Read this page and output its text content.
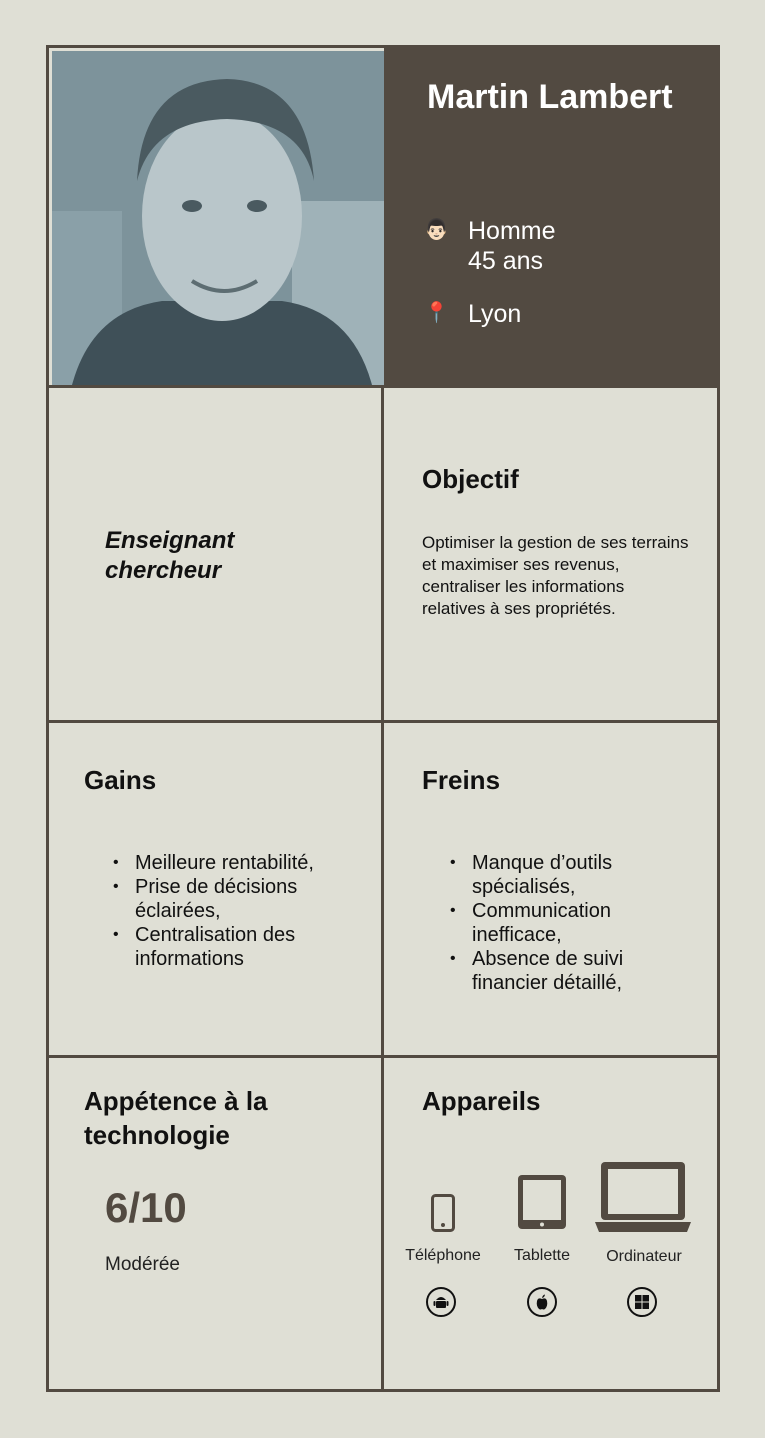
Martin Lambert
👨🏻 Homme
45 ans
📍 Lyon
Enseignant chercheur
Objectif
Optimiser la gestion de ses terrains et maximiser ses revenus, centraliser les informations relatives à ses propriétés.
Gains
• Meilleure rentabilité,
• Prise de décisions éclairées,
• Centralisation des informations
Freins
• Manque d’outils spécialisés,
• Communication inefficace,
• Absence de suivi financier détaillé,
Appétence à la technologie
6/10
Modérée
Appareils
Téléphone	Tablette	Ordinateur
